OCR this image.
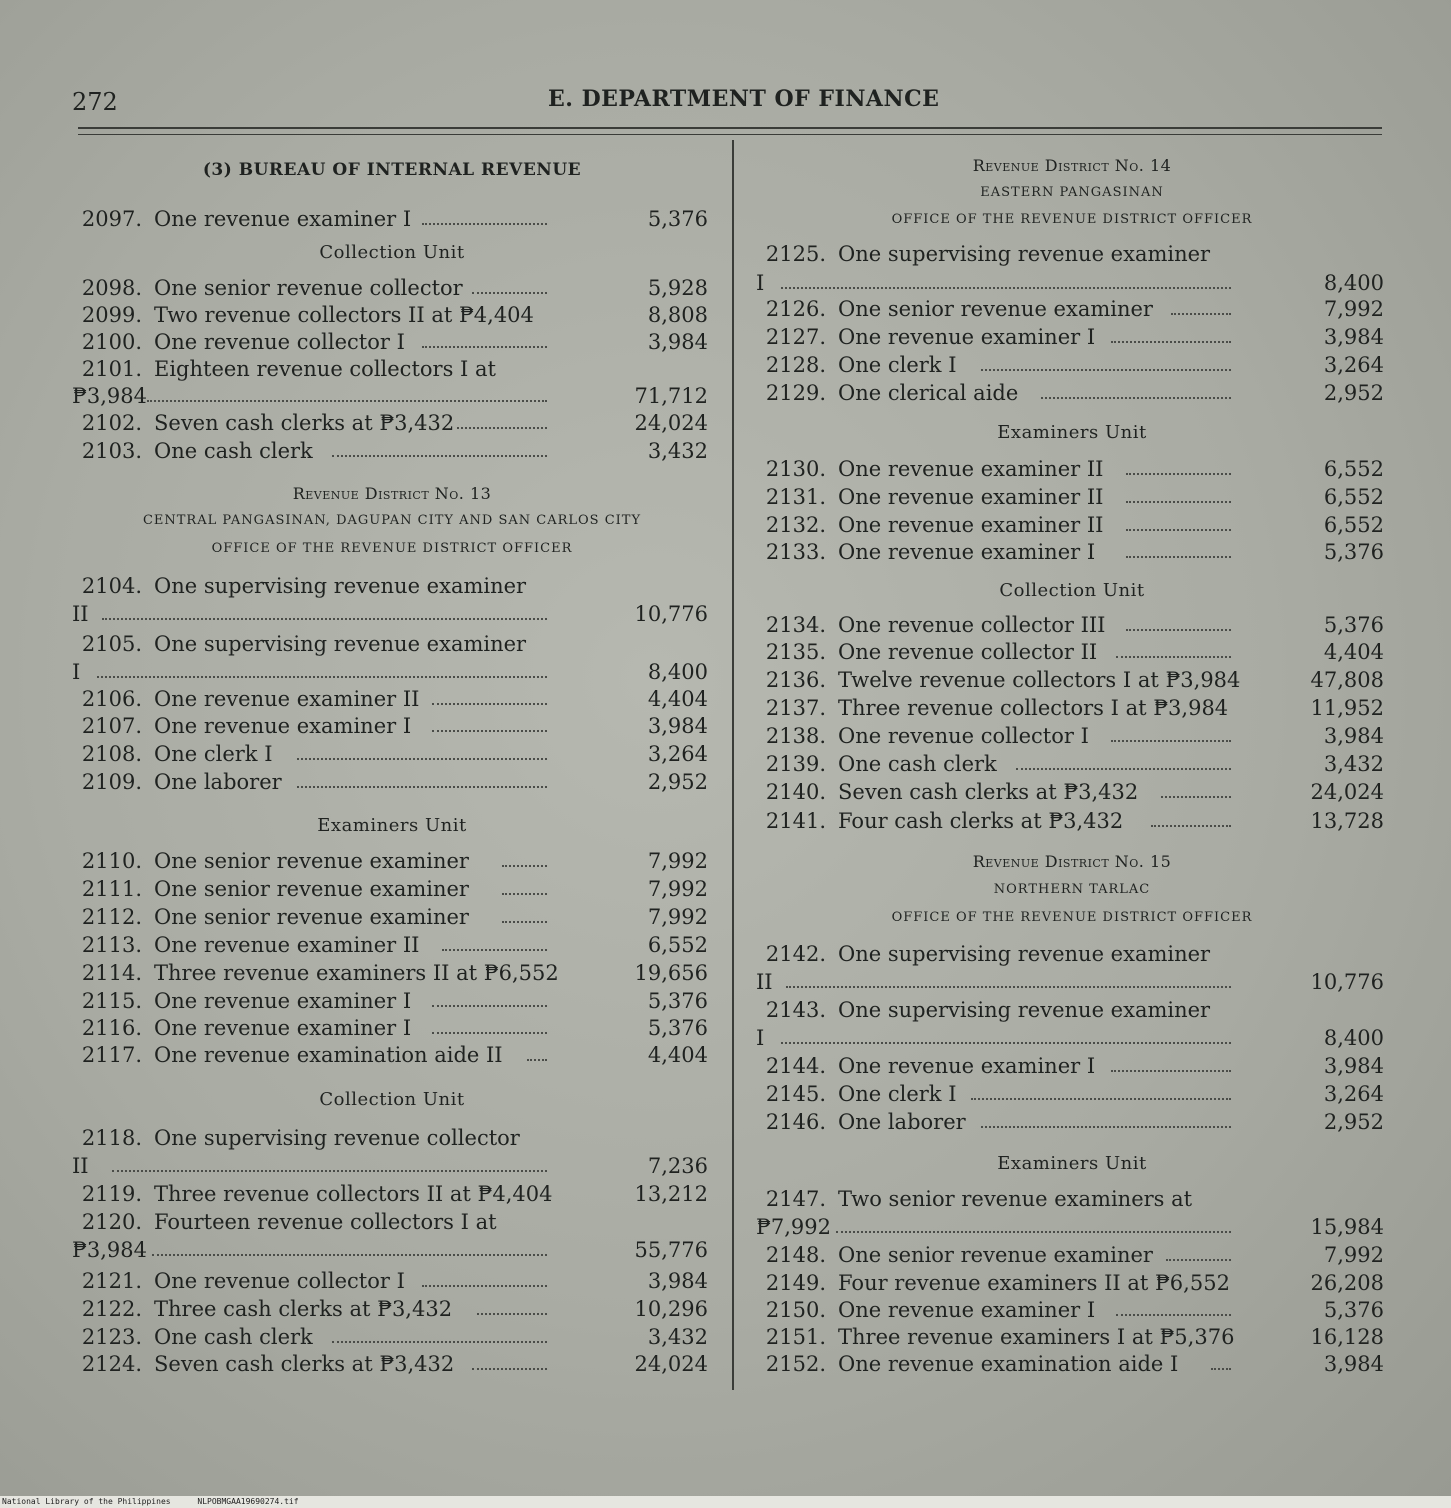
272	E. DEPARTMENT OF FINANCE
(3) BUREAU OF INTERNAL REVENUE
2097. One revenue examiner I	5,376
Collection Unit
2098. One senior revenue collector	5,928
2099. Two revenue collectors II at ₱4,404	8,808
2100. One revenue collector I	3,984
2101. Eighteen revenue collectors I at
₱3,984	71,712
2102. Seven cash clerks at ₱3,432	24,024
2103. One cash clerk	3,432
Revenue District No. 13
CENTRAL PANGASINAN, DAGUPAN CITY AND SAN CARLOS CITY
OFFICE OF THE REVENUE DISTRICT OFFICER
2104. One supervising revenue examiner
II	10,776
2105. One supervising revenue examiner
I	8,400
2106. One revenue examiner II	4,404
2107. One revenue examiner I	3,984
2108. One clerk I	3,264
2109. One laborer	2,952
Examiners Unit
2110. One senior revenue examiner	7,992
2111. One senior revenue examiner	7,992
2112. One senior revenue examiner	7,992
2113. One revenue examiner II	6,552
2114. Three revenue examiners II at ₱6,552	19,656
2115. One revenue examiner I	5,376
2116. One revenue examiner I	5,376
2117. One revenue examination aide II	4,404
Collection Unit
2118. One supervising revenue collector
II	7,236
2119. Three revenue collectors II at ₱4,404	13,212
2120. Fourteen revenue collectors I at
₱3,984	55,776
2121. One revenue collector I	3,984
2122. Three cash clerks at ₱3,432	10,296
2123. One cash clerk	3,432
2124. Seven cash clerks at ₱3,432	24,024
Revenue District No. 14
EASTERN PANGASINAN
OFFICE OF THE REVENUE DISTRICT OFFICER
2125. One supervising revenue examiner
I	8,400
2126. One senior revenue examiner	7,992
2127. One revenue examiner I	3,984
2128. One clerk I	3,264
2129. One clerical aide	2,952
Examiners Unit
2130. One revenue examiner II	6,552
2131. One revenue examiner II	6,552
2132. One revenue examiner II	6,552
2133. One revenue examiner I	5,376
Collection Unit
2134. One revenue collector III	5,376
2135. One revenue collector II	4,404
2136. Twelve revenue collectors I at ₱3,984	47,808
2137. Three revenue collectors I at ₱3,984	11,952
2138. One revenue collector I	3,984
2139. One cash clerk	3,432
2140. Seven cash clerks at ₱3,432	24,024
2141. Four cash clerks at ₱3,432	13,728
Revenue District No. 15
NORTHERN TARLAC
OFFICE OF THE REVENUE DISTRICT OFFICER
2142. One supervising revenue examiner
II	10,776
2143. One supervising revenue examiner
I	8,400
2144. One revenue examiner I	3,984
2145. One clerk I	3,264
2146. One laborer	2,952
Examiners Unit
2147. Two senior revenue examiners at
₱7,992	15,984
2148. One senior revenue examiner	7,992
2149. Four revenue examiners II at ₱6,552	26,208
2150. One revenue examiner I	5,376
2151. Three revenue examiners I at ₱5,376	16,128
2152. One revenue examination aide I	3,984
National Library of the Philippines	NLPOBMGAA19690274.tif
